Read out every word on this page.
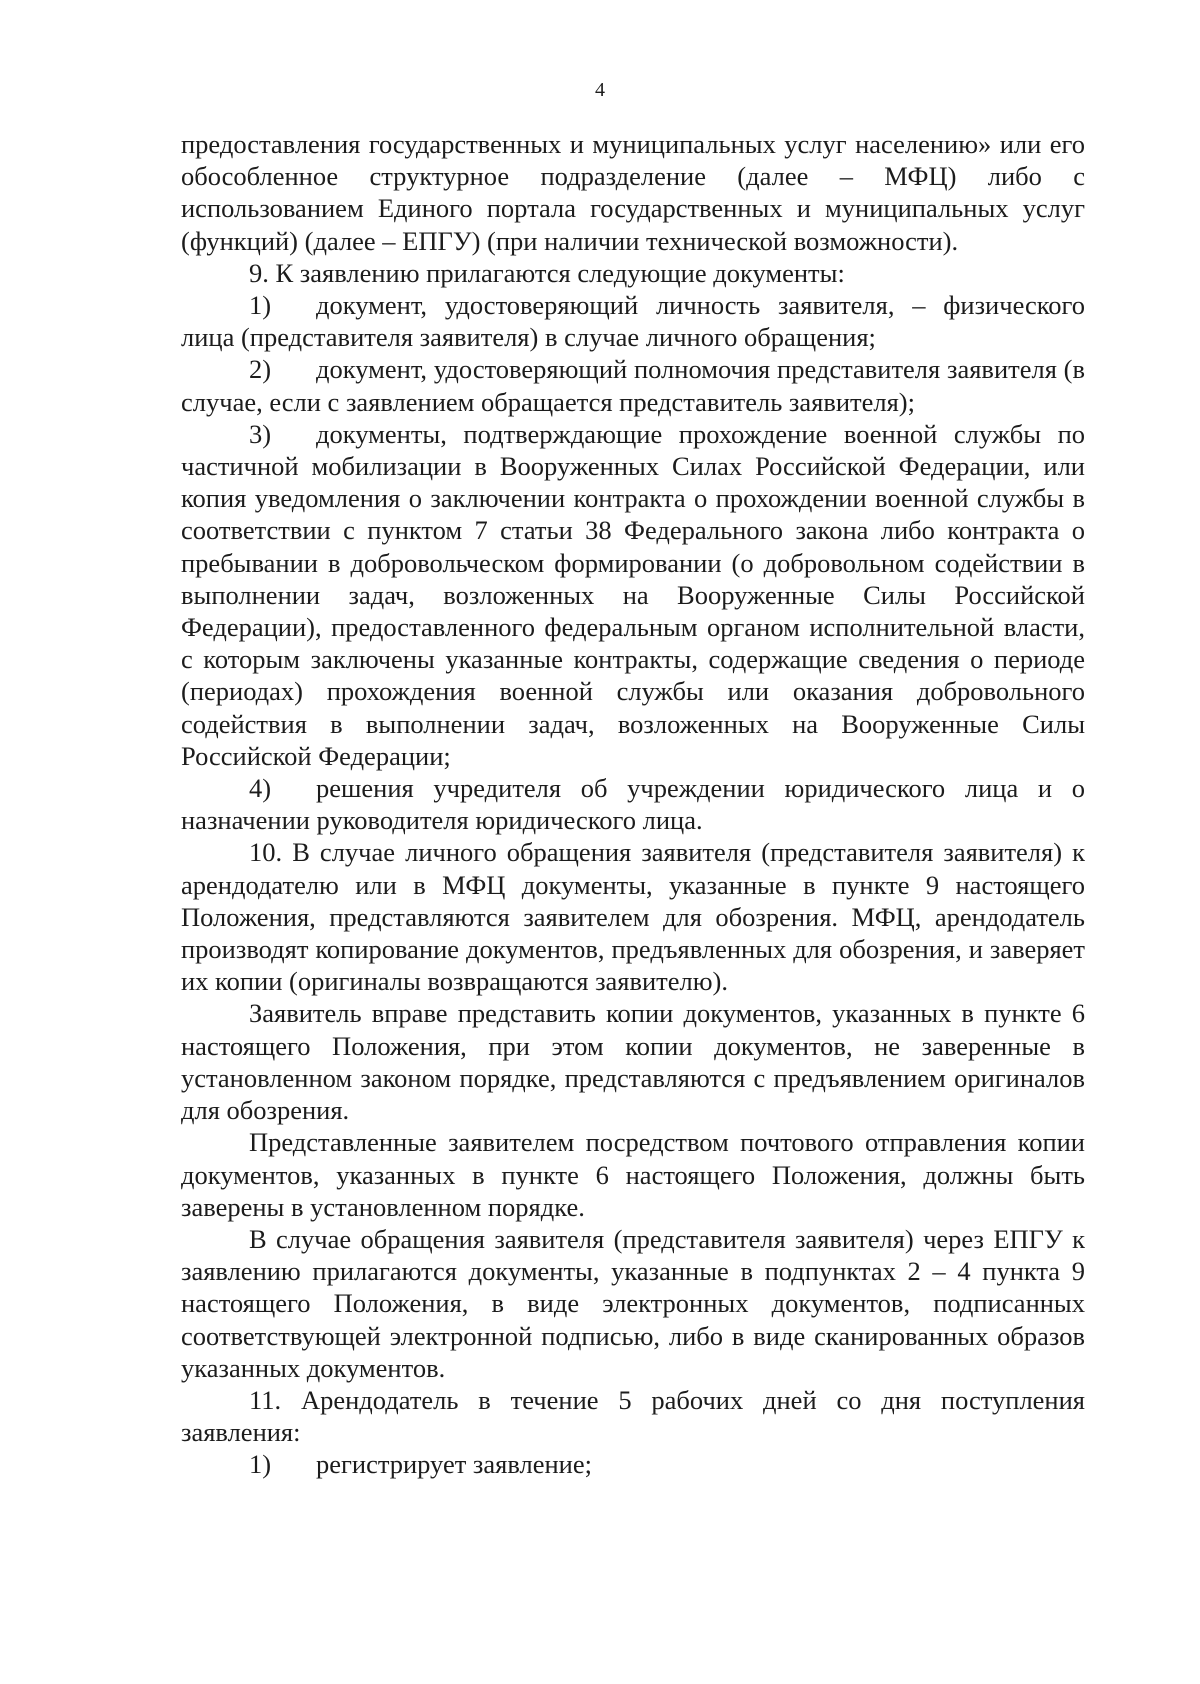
4

предоставления государственных и муниципальных услуг населению» или его обособленное структурное подразделение (далее – МФЦ) либо с использованием Единого портала государственных и муниципальных услуг (функций) (далее – ЕПГУ) (при наличии технической возможности).

9. К заявлению прилагаются следующие документы:

1) документ, удостоверяющий личность заявителя, – физического лица (представителя заявителя) в случае личного обращения;

2) документ, удостоверяющий полномочия представителя заявителя (в случае, если с заявлением обращается представитель заявителя);

3) документы, подтверждающие прохождение военной службы по частичной мобилизации в Вооруженных Силах Российской Федерации, или копия уведомления о заключении контракта о прохождении военной службы в соответствии с пунктом 7 статьи 38 Федерального закона либо контракта о пребывании в добровольческом формировании (о добровольном содействии в выполнении задач, возложенных на Вооруженные Силы Российской Федерации), предоставленного федеральным органом исполнительной власти, с которым заключены указанные контракты, содержащие сведения о периоде (периодах) прохождения военной службы или оказания добровольного содействия в выполнении задач, возложенных на Вооруженные Силы Российской Федерации;

4) решения учредителя об учреждении юридического лица и о назначении руководителя юридического лица.

10. В случае личного обращения заявителя (представителя заявителя) к арендодателю или в МФЦ документы, указанные в пункте 9 настоящего Положения, представляются заявителем для обозрения. МФЦ, арендодатель производят копирование документов, предъявленных для обозрения, и заверяет их копии (оригиналы возвращаются заявителю).

Заявитель вправе представить копии документов, указанных в пункте 6 настоящего Положения, при этом копии документов, не заверенные в установленном законом порядке, представляются с предъявлением оригиналов для обозрения.

Представленные заявителем посредством почтового отправления копии документов, указанных в пункте 6 настоящего Положения, должны быть заверены в установленном порядке.

В случае обращения заявителя (представителя заявителя) через ЕПГУ к заявлению прилагаются документы, указанные в подпунктах 2 – 4 пункта 9 настоящего Положения, в виде электронных документов, подписанных соответствующей электронной подписью, либо в виде сканированных образов указанных документов.

11. Арендодатель в течение 5 рабочих дней со дня поступления заявления:

1) регистрирует заявление;
